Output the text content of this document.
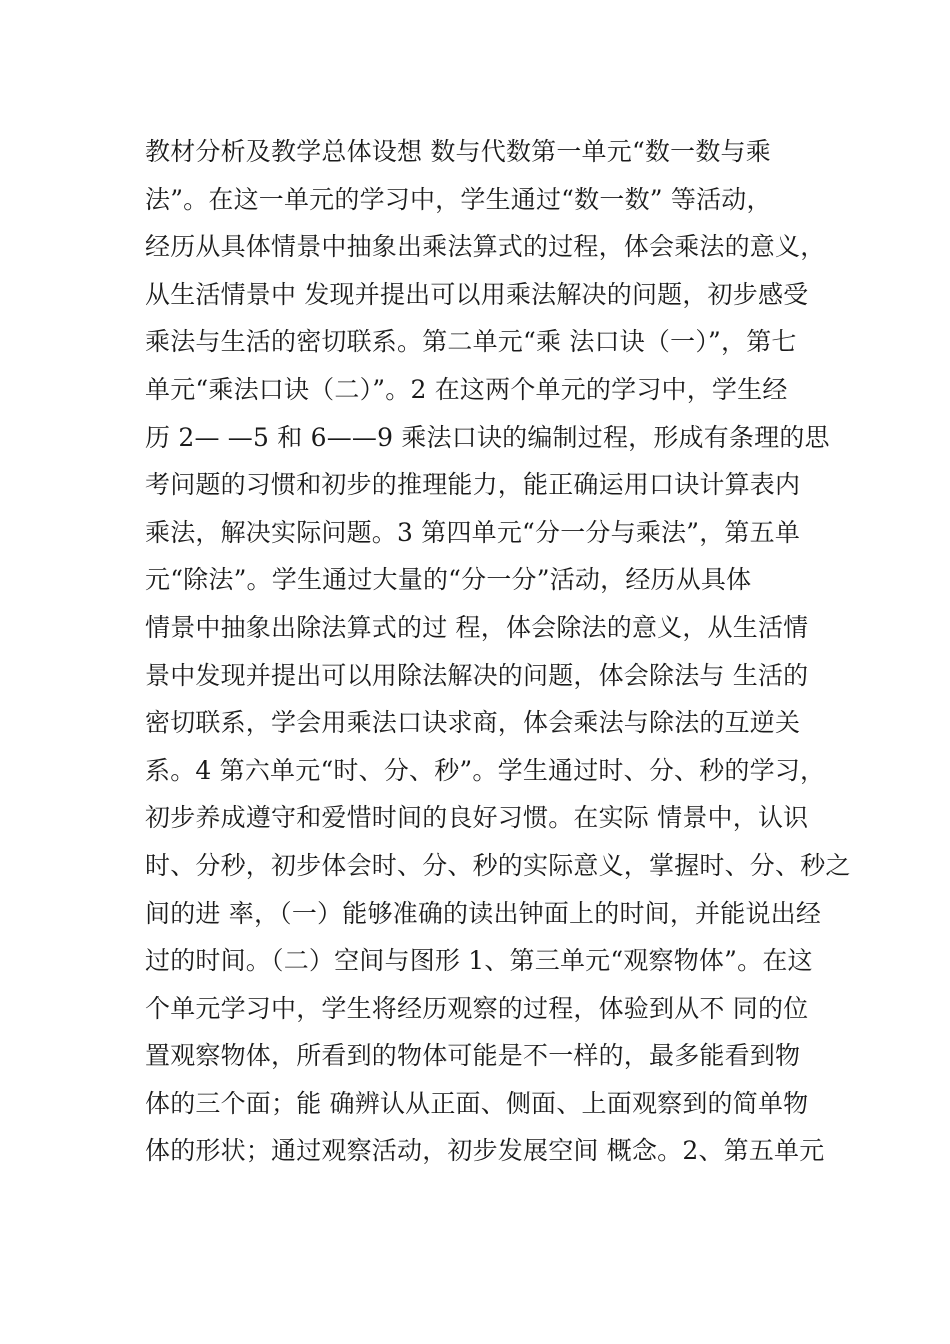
教材分析及教学总体设想 数与代数第一单元“数一数与乘
法”。在这一单元的学习中，学生通过“数一数” 等活动，
经历从具体情景中抽象出乘法算式的过程，体会乘法的意义，
从生活情景中 发现并提出可以用乘法解决的问题，初步感受
乘法与生活的密切联系。第二单元“乘 法口诀（一）”，第七
单元“乘法口诀（二）”。2 在这两个单元的学习中，学生经
历 2— —5 和 6——9 乘法口诀的编制过程，形成有条理的思
考问题的习惯和初步的推理能力，能正确运用口诀计算表内
乘法，解决实际问题。3 第四单元“分一分与乘法”，第五单
元“除法”。学生通过大量的“分一分”活动，经历从具体
情景中抽象出除法算式的过 程，体会除法的意义，从生活情
景中发现并提出可以用除法解决的问题，体会除法与 生活的
密切联系，学会用乘法口诀求商，体会乘法与除法的互逆关
系。4 第六单元“时、分、秒”。学生通过时、分、秒的学习，
初步养成遵守和爱惜时间的良好习惯。在实际 情景中，认识
时、分秒，初步体会时、分、秒的实际意义，掌握时、分、秒之
间的进 率，（一）能够准确的读出钟面上的时间，并能说出经
过的时间。（二）空间与图形 1、第三单元“观察物体”。在这
个单元学习中，学生将经历观察的过程，体验到从不 同的位
置观察物体，所看到的物体可能是不一样的，最多能看到物
体的三个面；能 确辨认从正面、侧面、上面观察到的简单物
体的形状；通过观察活动，初步发展空间 概念。2、第五单元
